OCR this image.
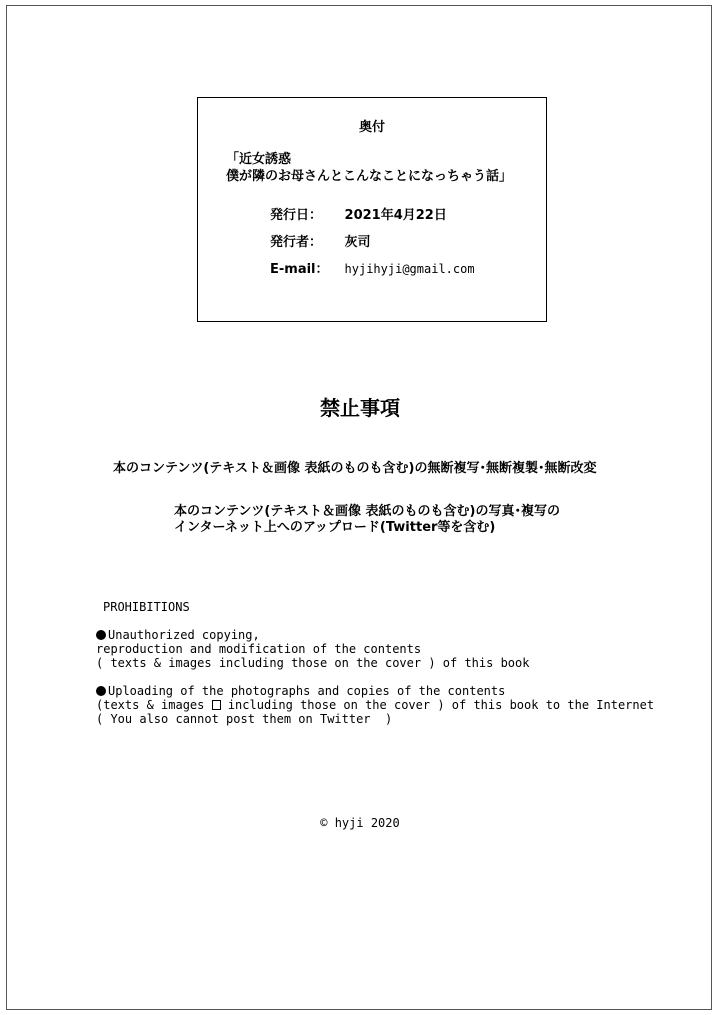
奥付
「近女誘惑
僕が隣のお母さんとこんなことになっちゃう話」
発行日： 2021年4月22日
発行者： 灰司
E-mail： hyjihyji@gmail.com
禁止事項
本のコンテンツ(テキスト＆画像 表紙のものも含む)の無断複写･無断複製･無断改変
本のコンテンツ(テキスト＆画像 表紙のものも含む)の写真･複写の
インターネット上へのアップロード(Twitter等を含む)
PROHIBITIONS
Unauthorized copying,
reproduction and modification of the contents
( texts & images including those on the cover ) of this book
Uploading of the photographs and copies of the contents
(texts & images  including those on the cover ) of this book to the Internet
( You also cannot post them on Twitter  )
© hyji 2020
